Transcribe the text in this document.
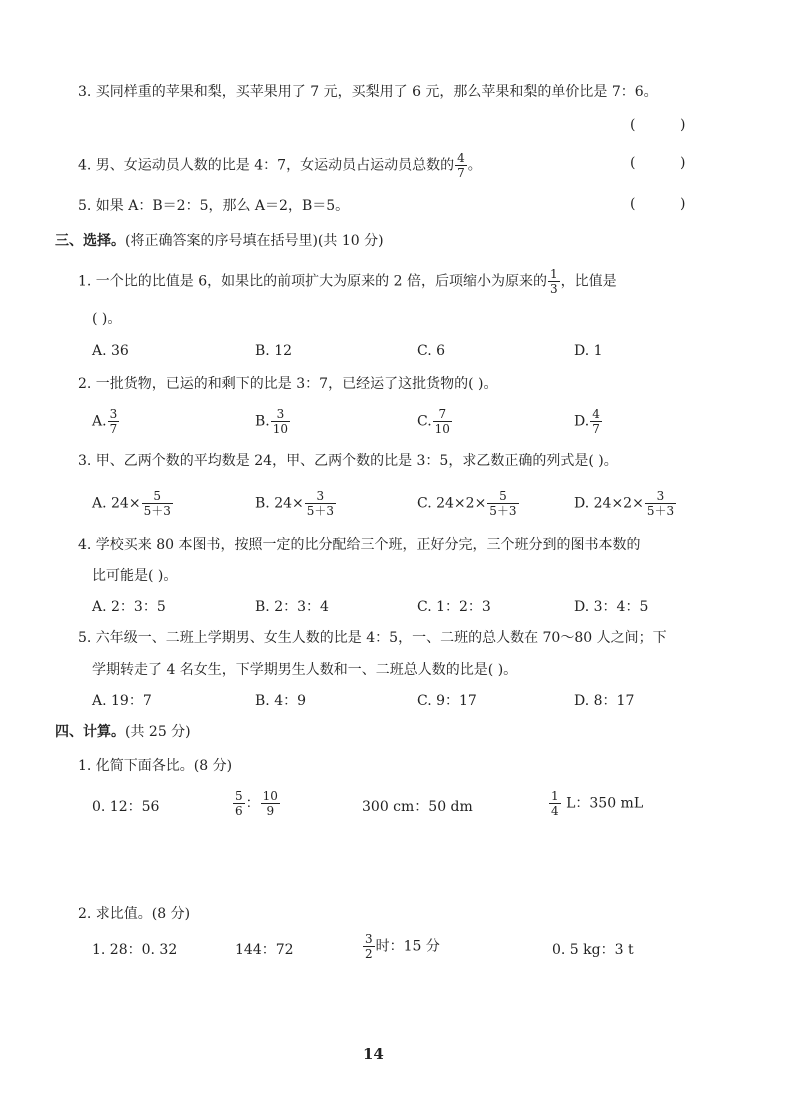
3. 买同样重的苹果和梨，买苹果用了 7 元，买梨用了 6 元，那么苹果和梨的单价比是 7：6。
(          )
4. 男、女运动员人数的比是 4：7，女运动员占运动员总数的 $\frac{4}{7}$ 。	(          )
5. 如果 A：B＝2：5，那么 A＝2，B＝5。	(          )
三、选择。(将正确答案的序号填在括号里)(共 10 分)
1. 一个比的比值是 6，如果比的前项扩大为原来的 2 倍，后项缩小为原来的 $\frac{1}{3}$ ，比值是
( )。
A. 36	B. 12	C. 6	D. 1
2. 一批货物，已运的和剩下的比是 3：7，已经运了这批货物的( )。
A. $\frac{3}{7}$	B. $\frac{3}{10}$	C. $\frac{7}{10}$	D. $\frac{4}{7}$
3. 甲、乙两个数的平均数是 24，甲、乙两个数的比是 3：5，求乙数正确的列式是( )。
A. $24\times \frac{5}{5+3}$	B. $24\times \frac{3}{5+3}$	C. $24\times 2\times \frac{5}{5+3}$	D. $24\times 2\times \frac{3}{5+3}$
4. 学校买来 80 本图书，按照一定的比分配给三个班，正好分完，三个班分到的图书本数的
比可能是( )。
A. 2：3：5	B. 2：3：4	C. 1：2：3	D. 3：4：5
5. 六年级一、二班上学期男、女生人数的比是 4：5，一、二班的总人数在 70～80 人之间；下
学期转走了 4 名女生，下学期男生人数和一、二班总人数的比是( )。
A. 19：7	B. 4：9	C. 9：17	D. 8：17
四、计算。(共 25 分)
1. 化简下面各比。(8 分)
0. 12：56	$\frac{5}{6}$ ： $\frac{10}{9}$	300 cm：50 dm	$\frac{1}{4}$ L：350 mL
2. 求比值。(8 分)
1. 28：0. 32	144：72	$\frac{3}{2}$ 时：15 分	0. 5 kg：3 t
14
